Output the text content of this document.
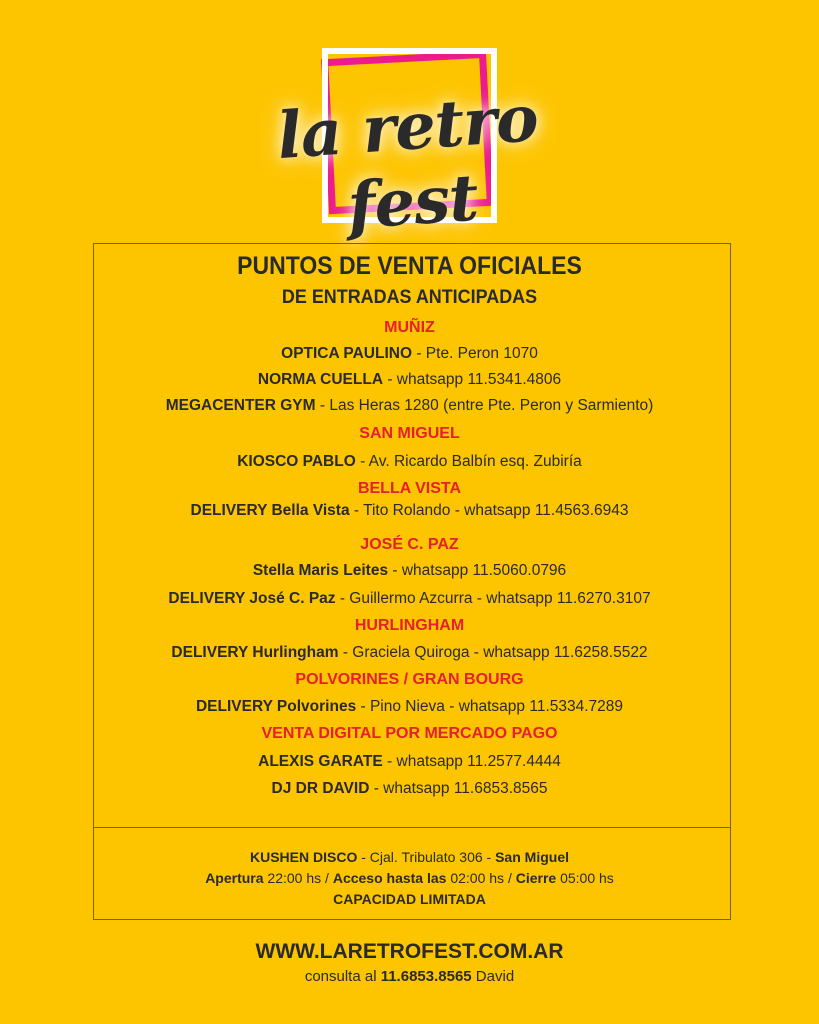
la retro fest
PUNTOS DE VENTA OFICIALES
DE ENTRADAS ANTICIPADAS
MUÑIZ
OPTICA PAULINO - Pte. Peron 1070
NORMA CUELLA - whatsapp 11.5341.4806
MEGACENTER GYM - Las Heras 1280 (entre Pte. Peron y Sarmiento)
SAN MIGUEL
KIOSCO PABLO - Av. Ricardo Balbín esq. Zubiría
BELLA VISTA
DELIVERY Bella Vista - Tito Rolando - whatsapp 11.4563.6943
JOSÉ C. PAZ
Stella Maris Leites - whatsapp 11.5060.0796
DELIVERY José C. Paz - Guillermo Azcurra - whatsapp 11.6270.3107
HURLINGHAM
DELIVERY Hurlingham - Graciela Quiroga - whatsapp 11.6258.5522
POLVORINES / GRAN BOURG
DELIVERY Polvorines - Pino Nieva - whatsapp 11.5334.7289
VENTA DIGITAL POR MERCADO PAGO
ALEXIS GARATE - whatsapp 11.2577.4444
DJ DR DAVID - whatsapp 11.6853.8565
KUSHEN DISCO - Cjal. Tribulato 306 - San Miguel
Apertura 22:00 hs / Acceso hasta las 02:00 hs / Cierre 05:00 hs
CAPACIDAD LIMITADA
WWW.LARETROFEST.COM.AR
consulta al 11.6853.8565 David
